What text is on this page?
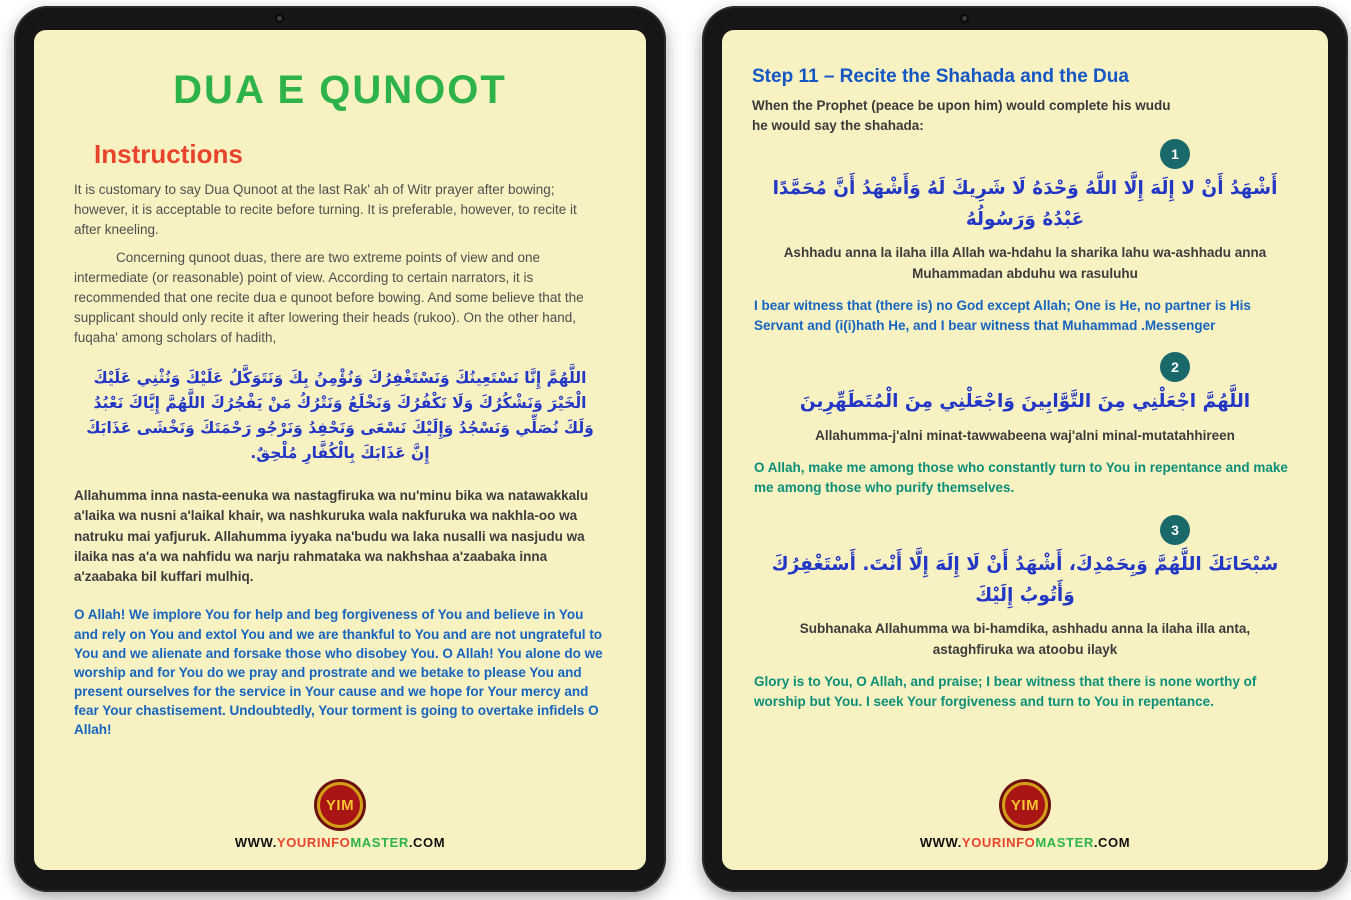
DUA E QUNOOT
Instructions
It is customary to say Dua Qunoot at the last Rak' ah of Witr prayer after bowing; however, it is acceptable to recite before turning. It is preferable, however, to recite it after kneeling.
Concerning qunoot duas, there are two extreme points of view and one intermediate (or reasonable) point of view. According to certain narrators, it is recommended that one recite dua e qunoot before bowing. And some believe that the supplicant should only recite it after lowering their heads (rukoo). On the other hand, fuqaha' among scholars of hadith,
اللَّهُمَّ إِنَّا نَسْتَعِينُكَ وَنَسْتَغْفِرُكَ وَنُؤْمِنُ بِكَ وَنَتَوَكَّلُ عَلَيْكَ وَنُثْنِي عَلَيْكَ الْخَيْرَ وَنَشْكُرُكَ وَلَا نَكْفُرُكَ وَنَخْلَعُ وَنَتْرُكُ مَنْ يَفْجُرُكَ اللَّهُمَّ إِيَّاكَ نَعْبُدُ وَلَكَ نُصَلِّي وَنَسْجُدُ وَإِلَيْكَ نَسْعَى وَنَحْفِدُ وَنَرْجُو رَحْمَتَكَ وَنَخْشَى عَذَابَكَ إِنَّ عَذَابَكَ بِالْكُفَّارِ مُلْحِقٌ.
Allahumma inna nasta-eenuka wa nastagfiruka wa nu'minu bika wa natawakkalu a'laika wa nusni a'laikal khair, wa nashkuruka wala nakfuruka wa nakhla-oo wa natruku mai yafjuruk. Allahumma iyyaka na'budu wa laka nusalli wa nasjudu wa ilaika nas a'a wa nahfidu wa narju rahmataka wa nakhshaa a'zaabaka inna a'zaabaka bil kuffari mulhiq.
O Allah! We implore You for help and beg forgiveness of You and believe in You and rely on You and extol You and we are thankful to You and are not ungrateful to You and we alienate and forsake those who disobey You. O Allah! You alone do we worship and for You do we pray and prostrate and we betake to please You and present ourselves for the service in Your cause and we hope for Your mercy and fear Your chastisement. Undoubtedly, Your torment is going to overtake infidels O Allah!
YIM
WWW.YOURINFOMASTER.COM
Step 11 – Recite the Shahada and the Dua
When the Prophet (peace be upon him) would complete his wudu he would say the shahada:
1
أَشْهَدُ أَنْ لا إِلَهَ إِلَّا اللَّهُ وَحْدَهُ لَا شَرِيكَ لَهُ وَأَشْهَدُ أَنَّ مُحَمَّدًا عَبْدُهُ وَرَسُولُهُ
Ashhadu anna la ilaha illa Allah wa-hdahu la sharika lahu wa-ashhadu anna Muhammadan abduhu wa rasuluhu
I bear witness that (there is) no God except Allah; One is He, no partner is His Servant and (i(i)hath He, and I bear witness that Muhammad .Messenger
2
اللَّهُمَّ اجْعَلْنِي مِنَ التَّوَّابِينَ وَاجْعَلْنِي مِنَ الْمُتَطَهِّرِينَ
Allahumma-j'alni minat-tawwabeena waj'alni minal-mutatahhireen
O Allah, make me among those who constantly turn to You in repentance and make me among those who purify themselves.
3
سُبْحَانَكَ اللَّهُمَّ وَبِحَمْدِكَ، أَشْهَدُ أَنْ لَا إِلَهَ إِلَّا أَنْتَ. أَسْتَغْفِرُكَ وَأَتُوبُ إِلَيْكَ
Subhanaka Allahumma wa bi-hamdika, ashhadu anna la ilaha illa anta, astaghfiruka wa atoobu ilayk
Glory is to You, O Allah, and praise; I bear witness that there is none worthy of worship but You. I seek Your forgiveness and turn to You in repentance.
YIM
WWW.YOURINFOMASTER.COM
